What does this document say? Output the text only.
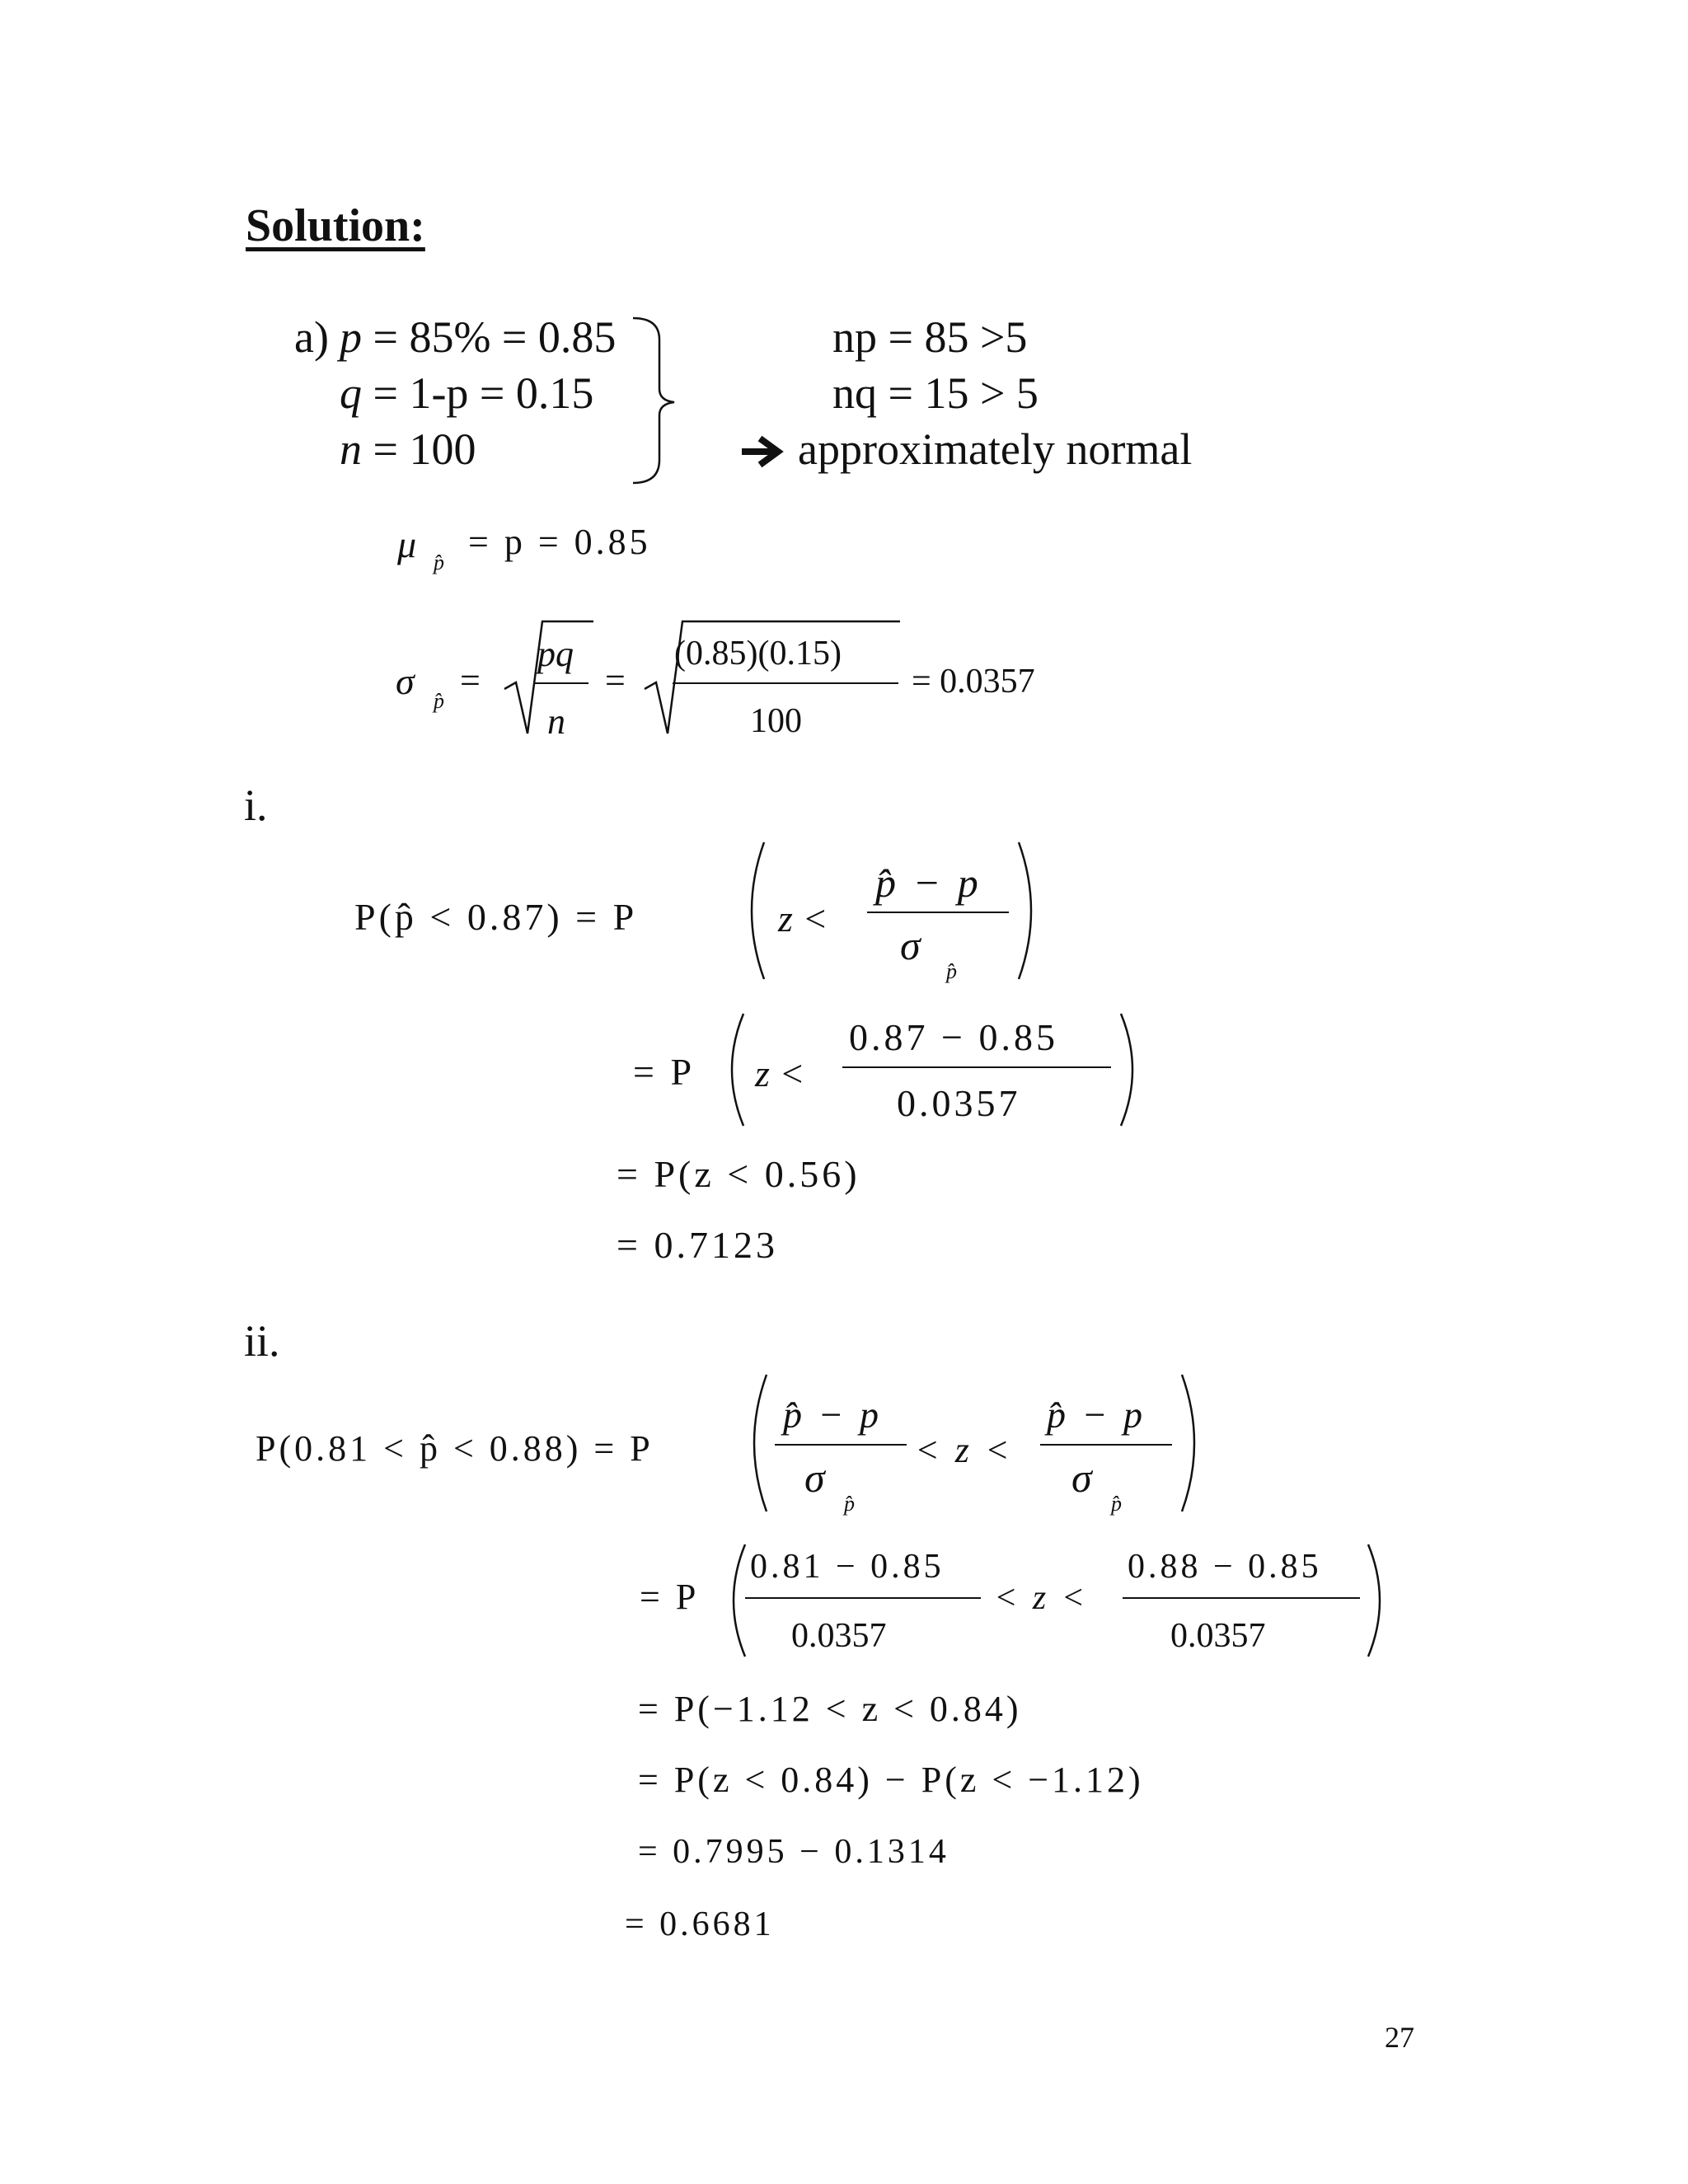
Solution:
a) p = 85% = 0.85
q = 1-p = 0.15
n = 100
np = 85 >5
nq = 15 > 5
approximately normal
μ p̂
= p = 0.85
σ p̂
=
pq
n
=
(0.85)(0.15)
100
= 0.0357
i.
P(p̂ < 0.87) = P	z <
p̂ − p
σ
p̂
= P z <
0.87 − 0.85
0.0357
= P(z < 0.56)
= 0.7123
ii.
P(0.81 < p̂ < 0.88) = P
p̂ − p
σ
p̂
< z <
p̂ − p
σ
p̂
= P
0.81 − 0.85
0.0357
< z <
0.88 − 0.85
0.0357
= P(−1.12 < z < 0.84)
= P(z < 0.84) − P(z < −1.12)
= 0.7995 − 0.1314
= 0.6681
27
